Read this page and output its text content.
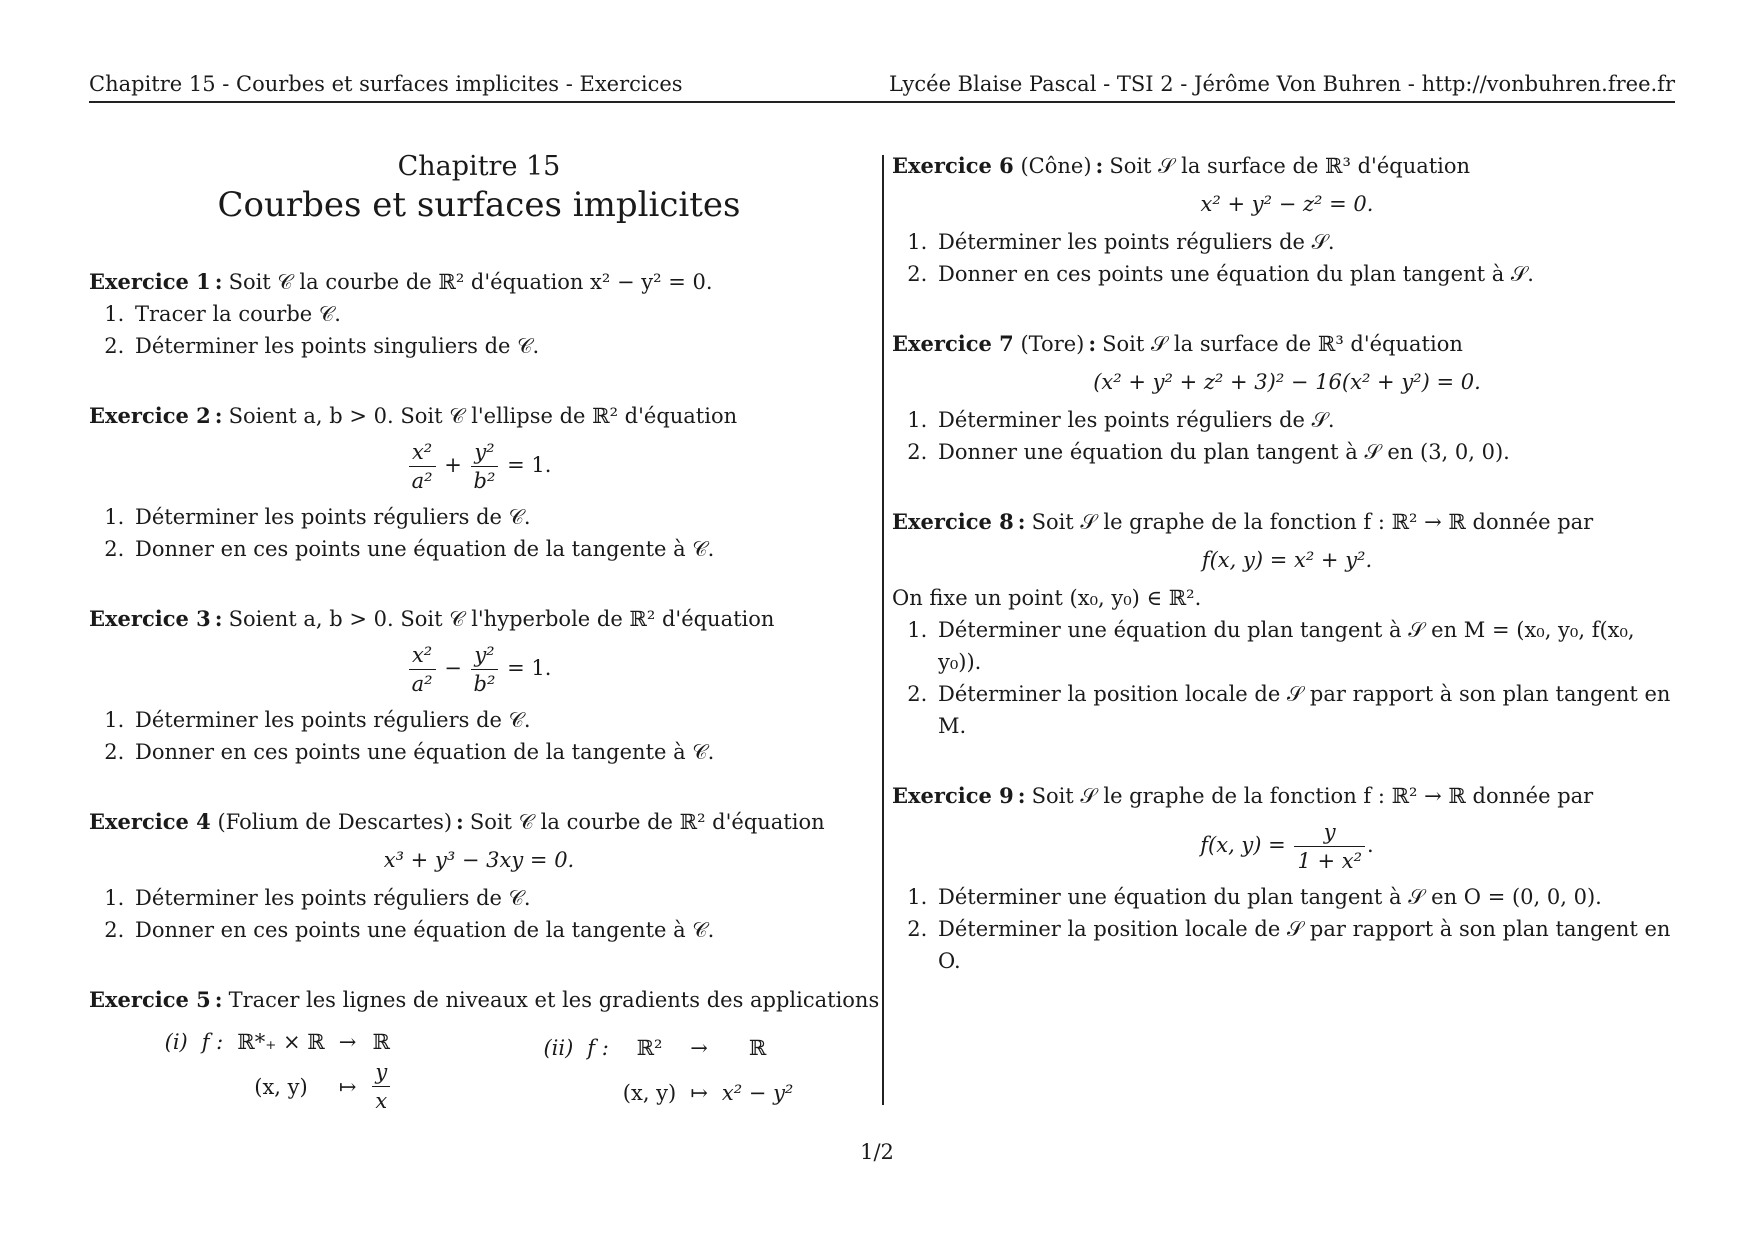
Chapitre 15 - Courbes et surfaces implicites - Exercices	Lycée Blaise Pascal - TSI 2 - Jérôme Von Buhren - http://vonbuhren.free.fr
Chapitre 15
Courbes et surfaces implicites
Exercice 1 : Soit 𝒞 la courbe de ℝ² d'équation x² − y² = 0.
1. Tracer la courbe 𝒞.
2. Déterminer les points singuliers de 𝒞.
Exercice 2 : Soient a, b > 0. Soit 𝒞 l'ellipse de ℝ² d'équation
$\frac{\text{x²}}{\text{a²}} + \frac{\text{y²}}{\text{b²}} = 1$.
1. Déterminer les points réguliers de 𝒞.
2. Donner en ces points une équation de la tangente à 𝒞.
Exercice 3 : Soient a, b > 0. Soit 𝒞 l'hyperbole de ℝ² d'équation
$\frac{\text{x²}}{\text{a²}} - \frac{\text{y²}}{\text{b²}} = 1$.
1. Déterminer les points réguliers de 𝒞.
2. Donner en ces points une équation de la tangente à 𝒞.
Exercice 4 (Folium de Descartes) : Soit 𝒞 la courbe de ℝ² d'équation
x³ + y³ − 3xy = 0.
1. Déterminer les points réguliers de 𝒞.
2. Donner en ces points une équation de la tangente à 𝒞.
Exercice 5 : Tracer les lignes de niveaux et les gradients des applications
(i) f : ℝ*₊ × ℝ → ℝ
(x, y)	↦ $\frac{y}{x}$
(ii) f :	ℝ²	→	ℝ
(x, y) ↦ x² − y²
Exercice 6 (Cône) : Soit 𝒮 la surface de ℝ³ d'équation
x² + y² − z² = 0.
1. Déterminer les points réguliers de 𝒮.
2. Donner en ces points une équation du plan tangent à 𝒮.
Exercice 7 (Tore) : Soit 𝒮 la surface de ℝ³ d'équation
(x² + y² + z² + 3)² − 16(x² + y²) = 0.
1. Déterminer les points réguliers de 𝒮.
2. Donner une équation du plan tangent à 𝒮 en (3, 0, 0).
Exercice 8 : Soit 𝒮 le graphe de la fonction f : ℝ² → ℝ donnée par
f(x, y) = x² + y².
On fixe un point (x₀, y₀) ∈ ℝ².
1. Déterminer une équation du plan tangent à 𝒮 en M = (x₀, y₀, f(x₀, y₀)).
2. Déterminer la position locale de 𝒮 par rapport à son plan tangent en M.
Exercice 9 : Soit 𝒮 le graphe de la fonction f : ℝ² → ℝ donnée par
f(x, $y) = \frac{y}{\text{1 + x²}}$ .
1. Déterminer une équation du plan tangent à 𝒮 en O = (0, 0, 0).
2. Déterminer la position locale de 𝒮 par rapport à son plan tangent en O.
1/2
